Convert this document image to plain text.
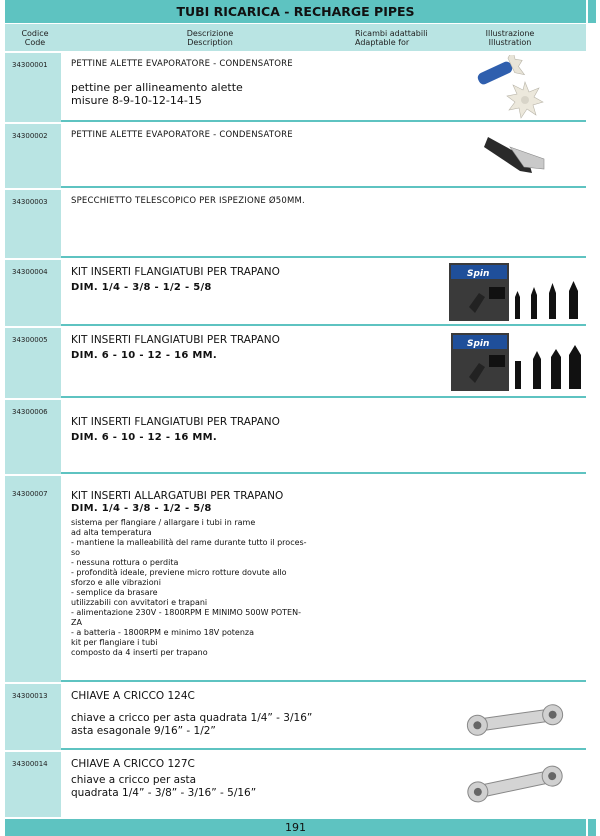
TUBI RICARICA - RECHARGE PIPES
Codice
Code
Descrizione
Description
Ricambi adattabili
Adaptable for
Illustrazione
Illustration
34300001	PETTINE ALETTE EVAPORATORE - CONDENSATORE
pettine per allineamento alette
misure 8-9-10-12-14-15
34300002	PETTINE ALETTE EVAPORATORE - CONDENSATORE
34300003	SPECCHIETTO TELESCOPICO PER ISPEZIONE Ø50MM.
34300004	KIT INSERTI FLANGIATUBI PER TRAPANO
DIM. 1/4 - 3/8 - 1/2 - 5/8
Spin
34300005	KIT INSERTI FLANGIATUBI PER TRAPANO
DIM. 6 - 10 - 12 - 16 MM.
Spin
34300006
KIT INSERTI FLANGIATUBI PER TRAPANO
DIM. 6 - 10 - 12 - 16 MM.
34300007	KIT INSERTI ALLARGATUBI PER TRAPANO
DIM. 1/4 - 3/8 - 1/2 - 5/8
sistema per flangiare / allargare i tubi in rame
ad alta temperatura
- mantiene la malleabilità del rame durante tutto il proces-
so
- nessuna rottura o perdita
- profondità ideale, previene micro rotture dovute allo
sforzo e alle vibrazioni
- semplice da brasare
utilizzabili con avvitatori e trapani
- alimentazione 230V - 1800RPM E MINIMO 500W POTEN-
ZA
- a batteria - 1800RPM e minimo 18V potenza
kit per flangiare i tubi
composto da 4 inserti per trapano
34300013	CHIAVE A CRICCO 124C
chiave a cricco per asta quadrata 1/4” - 3/16”
asta esagonale 9/16” - 1/2”
34300014	CHIAVE A CRICCO 127C
chiave a cricco per asta
quadrata 1/4” - 3/8” - 3/16” - 5/16”
191
